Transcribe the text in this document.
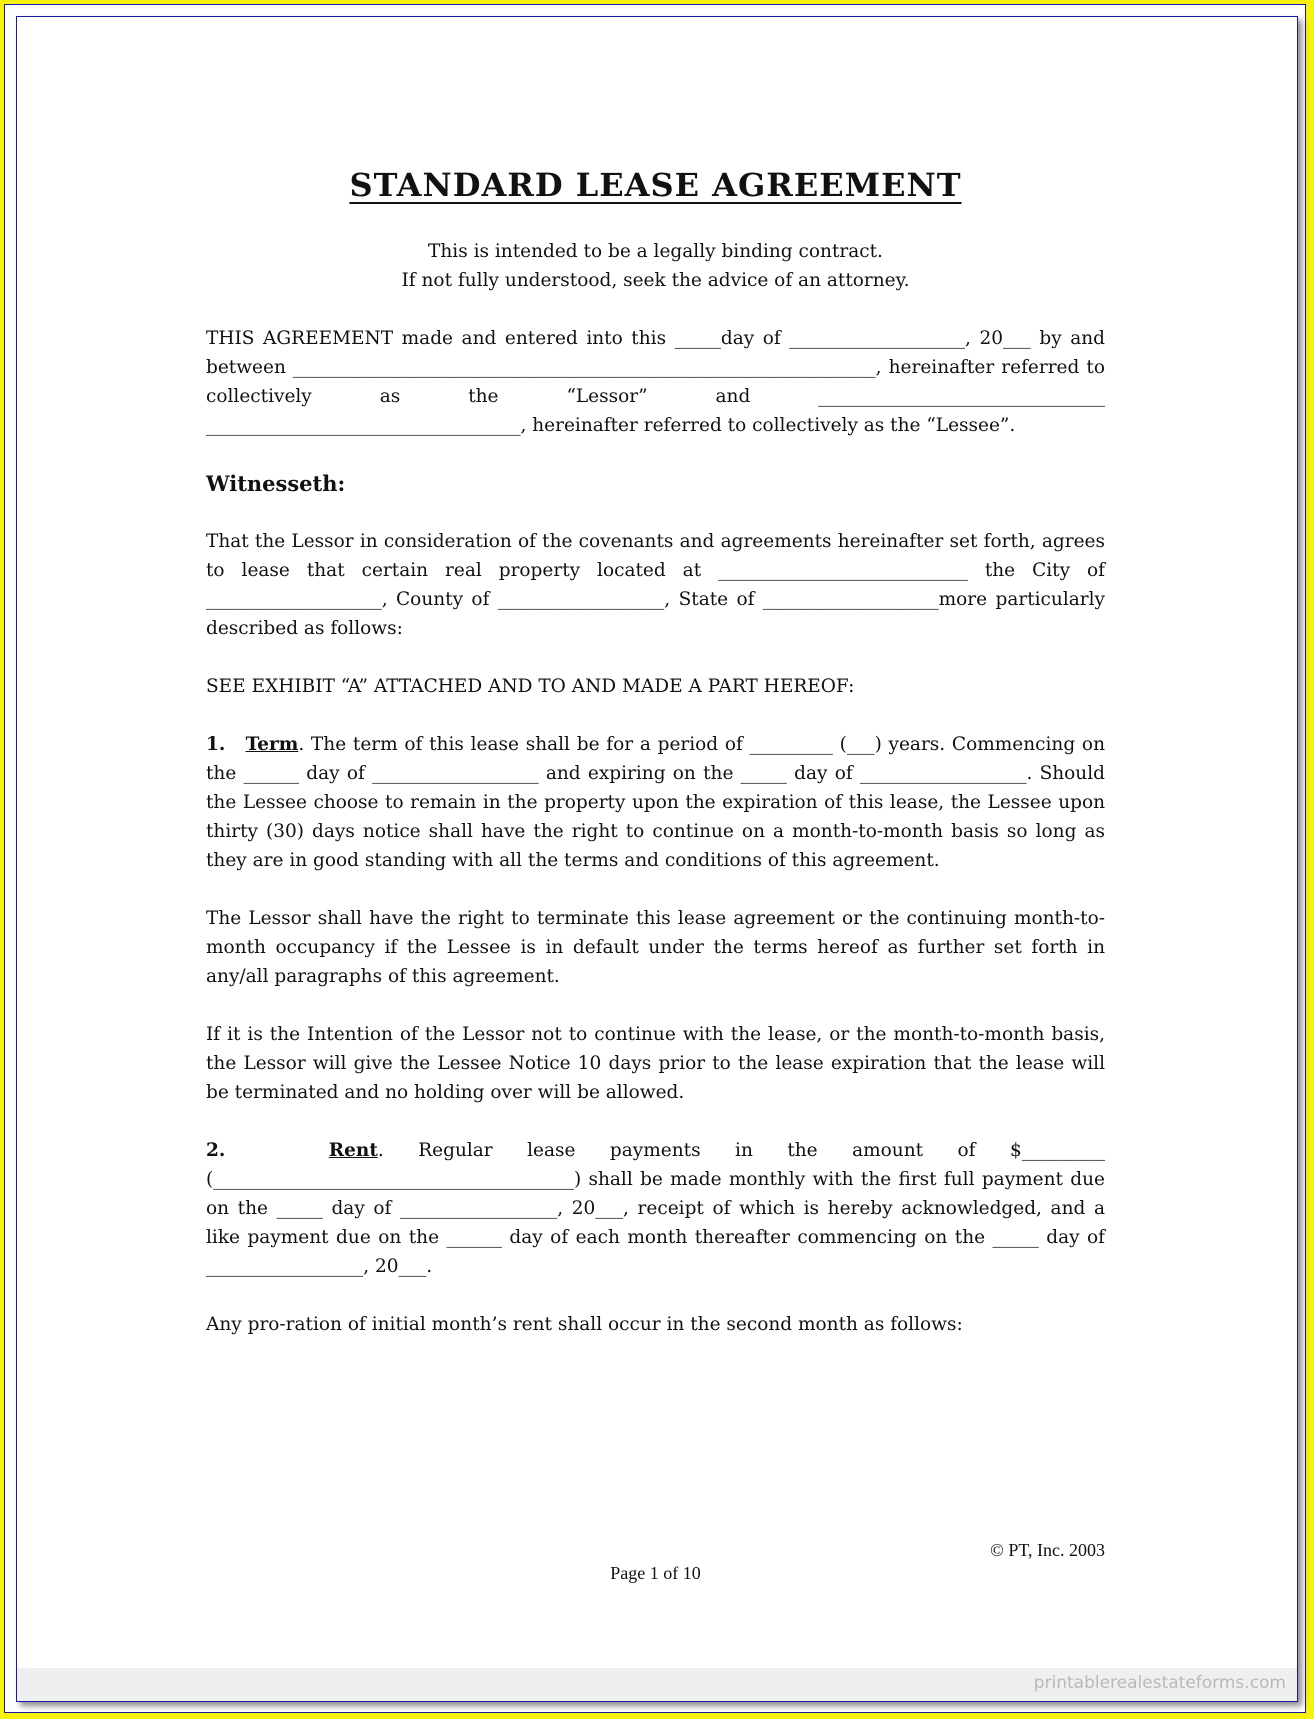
printablerealestateforms.com
STANDARD LEASE AGREEMENT

This is intended to be a legally binding contract.

If not fully understood, seek the advice of an attorney.

THIS AGREEMENT made and entered into this _____day of ___________________, 20___ by and between _______________________________________________________________, hereinafter referred to collectively as the “Lessor” and _______________________________ __________________________________, hereinafter referred to collectively as the “Lessee”.

Witnesseth:

That the Lessor in consideration of the covenants and agreements hereinafter set forth, agrees to lease that certain real property located at ___________________________ the City of ___________________, County of __________________, State of ___________________more particularly described as follows:

SEE EXHIBIT “A” ATTACHED AND TO AND MADE A PART HEREOF:

1. Term. The term of this lease shall be for a period of _________ (___) years. Commencing on the ______ day of __________________ and expiring on the _____ day of __________________. Should the Lessee choose to remain in the property upon the expiration of this lease, the Lessee upon thirty (30) days notice shall have the right to continue on a month-to-month basis so long as they are in good standing with all the terms and conditions of this agreement.

The Lessor shall have the right to terminate this lease agreement or the continuing month-to-month occupancy if the Lessee is in default under the terms hereof as further set forth in any/all paragraphs of this agreement.

If it is the Intention of the Lessor not to continue with the lease, or the month-to-month basis, the Lessor will give the Lessee Notice 10 days prior to the lease expiration that the lease will be terminated and no holding over will be allowed.

2.	Rent. Regular lease payments in the amount of $_________ (_______________________________________) shall be made monthly with the first full payment due on the _____ day of _________________, 20___, receipt of which is hereby acknowledged, and a like payment due on the ______ day of each month thereafter commencing on the _____ day of _________________, 20___.

Any pro-ration of initial month’s rent shall occur in the second month as follows:

© PT, Inc. 2003
Page 1 of 10
